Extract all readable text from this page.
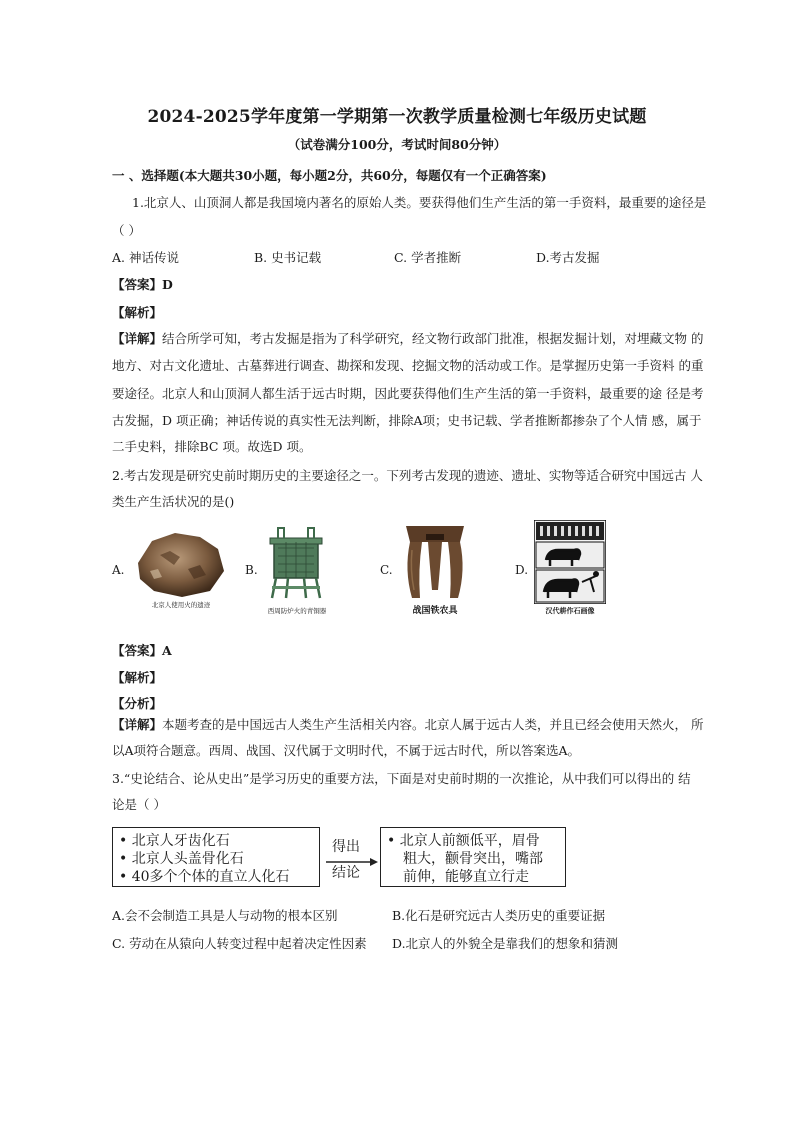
2024-2025学年度第一学期第一次教学质量检测七年级历史试题
（试卷满分100分，考试时间80分钟）
一 、选择题(本大题共30小题，每小题2分，共60分，每题仅有一个正确答案)
1.北京人、山顶洞人都是我国境内著名的原始人类。要获得他们生产生活的第一手资料，最重要的途径是
（ ）
A. 神话传说	B. 史书记载	C. 学者推断	D.考古发掘
【答案】D
【解析】
【详解】结合所学可知，考古发掘是指为了科学研究，经文物行政部门批准，根据发掘计划，对埋藏文物 的
地方、对古文化遗址、古墓葬进行调查、勘探和发现、挖掘文物的活动或工作。是掌握历史第一手资料 的重
要途径。北京人和山顶洞人都生活于远古时期，因此要获得他们生产生活的第一手资料，最重要的途 径是考
古发掘，D 项正确；神话传说的真实性无法判断，排除A项；史书记载、学者推断都掺杂了个人情 感，属于
二手史料，排除BC 项。故选D 项。
2.考古发现是研究史前时期历史的主要途径之一。下列考古发现的遗迹、遗址、实物等适合研究中国远古 人
类生产生活状况的是()
A.
北京人使用火的遗迹
B.
西周防炉火的青铜器
C.
战国铁农具
D.
汉代耕作石画像
【答案】A
【解析】
【分析】
【详解】本题考查的是中国远古人类生产生活相关内容。北京人属于远古人类，并且已经会使用天然火， 所
以A项符合题意。西周、战国、汉代属于文明时代，不属于远古时代，所以答案选A。
3.“史论结合、论从史出”是学习历史的重要方法，下面是对史前时期的一次推论，从中我们可以得出的 结
论是（ ）
• 北京人牙齿化石
• 北京人头盖骨化石
• 40多个个体的直立人化石
得出
结论
• 北京人前额低平，眉骨
粗大，颧骨突出，嘴部
前伸，能够直立行走
A.会不会制造工具是人与动物的根本区别	B.化石是研究远古人类历史的重要证据
C. 劳动在从猿向人转变过程中起着决定性因素 D.北京人的外貌全是靠我们的想象和猜测
